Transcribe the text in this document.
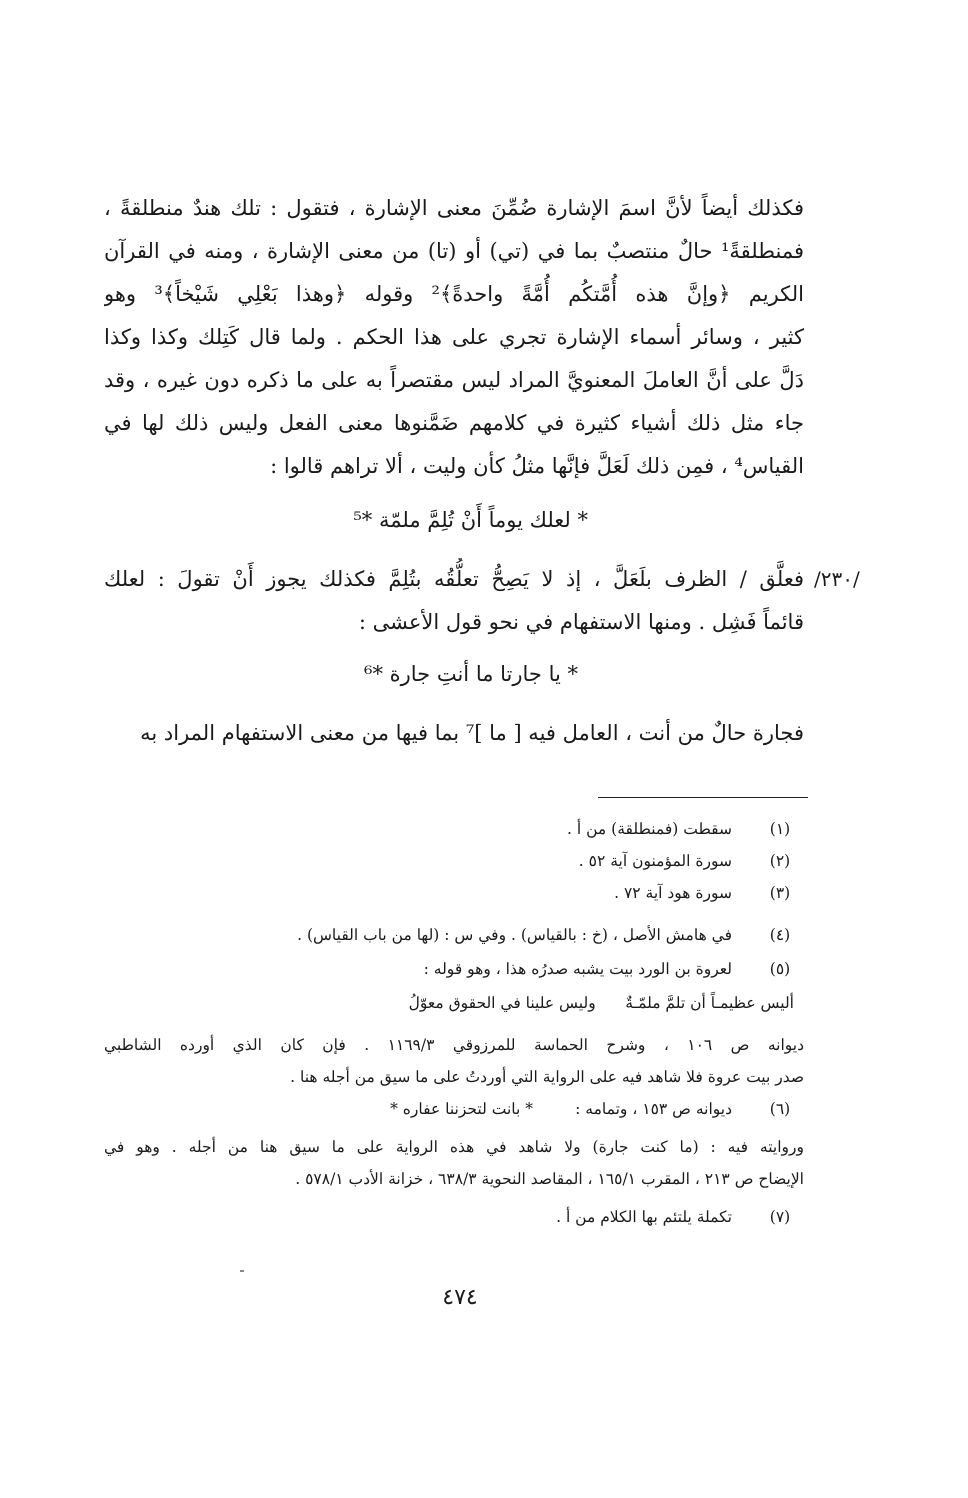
فكذلك أيضاً لأنَّ اسمَ الإشارة ضُمِّنَ معنى الإشارة ، فتقول : تلك هندٌ منطلقةً ،
فمنطلقةً¹ حالٌ منتصبٌ بما في (تي) أو (تا) من معنى الإشارة ، ومنه في القرآن
الكريم ﴿وإنَّ هذه أُمَّتكُم أُمَّةً واحدةً﴾² وقوله ﴿وهذا بَعْلِي شَيْخاً﴾³ وهو
كثير ، وسائر أسماء الإشارة تجري على هذا الحكم . ولما قال كَتِلك وكذا وكذا
دَلَّ على أنَّ العاملَ المعنويَّ المراد ليس مقتصراً به على ما ذكره دون غيره ، وقد
جاء مثل ذلك أشياء كثيرة في كلامهم ضَمَّنوها معنى الفعل وليس ذلك لها في
القياس⁴ ، فمِن ذلك لَعَلَّ فإنَّها مثلُ كأن وليت ، ألا تراهم قالوا :
* لعلك يوماً أَنْ تُلِمَّ ملمّة *⁵
/٢٣٠/
فعلَّق / الظرف بلَعَلَّ ، إذ لا يَصِحُّ تعلُّقُه بتُلِمَّ فكذلك يجوز أَنْ تقولَ : لعلك
قائماً فَشِل . ومنها الاستفهام في نحو قول الأعشى :
* يا جارتا ما أنتِ جارة *⁶
فجارة حالٌ من أنت ، العامل فيه [ ما ]⁷ بما فيها من معنى الاستفهام المراد به
(١)
سقطت (فمنطلقة) من أ .
(٢)
سورة المؤمنون آية ٥٢ .
(٣)
سورة هود آية ٧٢ .
(٤)
في هامش الأصل ، (خ : بالقياس) . وفي س : (لها من باب القياس) .
(٥)
لعروة بن الورد بيت يشبه صدرُه هذا ، وهو قوله :
أليس عظيمـاً أن تلمَّ ملمّـةٌ      وليس علينا في الحقوق معوّلُ
ديوانه ص ١٠٦ ، وشرح الحماسة للمرزوقي ١١٦٩/٣ . فإن كان الذي أورده الشاطبي
صدر بيت عروة فلا شاهد فيه على الرواية التي أوردتُ على ما سيق من أجله هنا .
(٦)
ديوانه ص ١٥٣ ، وتمامه :
* بانت لتحزننا عفاره *
وروايته فيه : (ما كنت جارة) ولا شاهد في هذه الرواية على ما سيق هنا من أجله . وهو في
الإيضاح ص ٢١٣ ، المقرب ١٦٥/١ ، المقاصد النحوية ٦٣٨/٣ ، خزانة الأدب ٥٧٨/١ .
(٧)
تكملة يلتئم بها الكلام من أ .
٤٧٤
